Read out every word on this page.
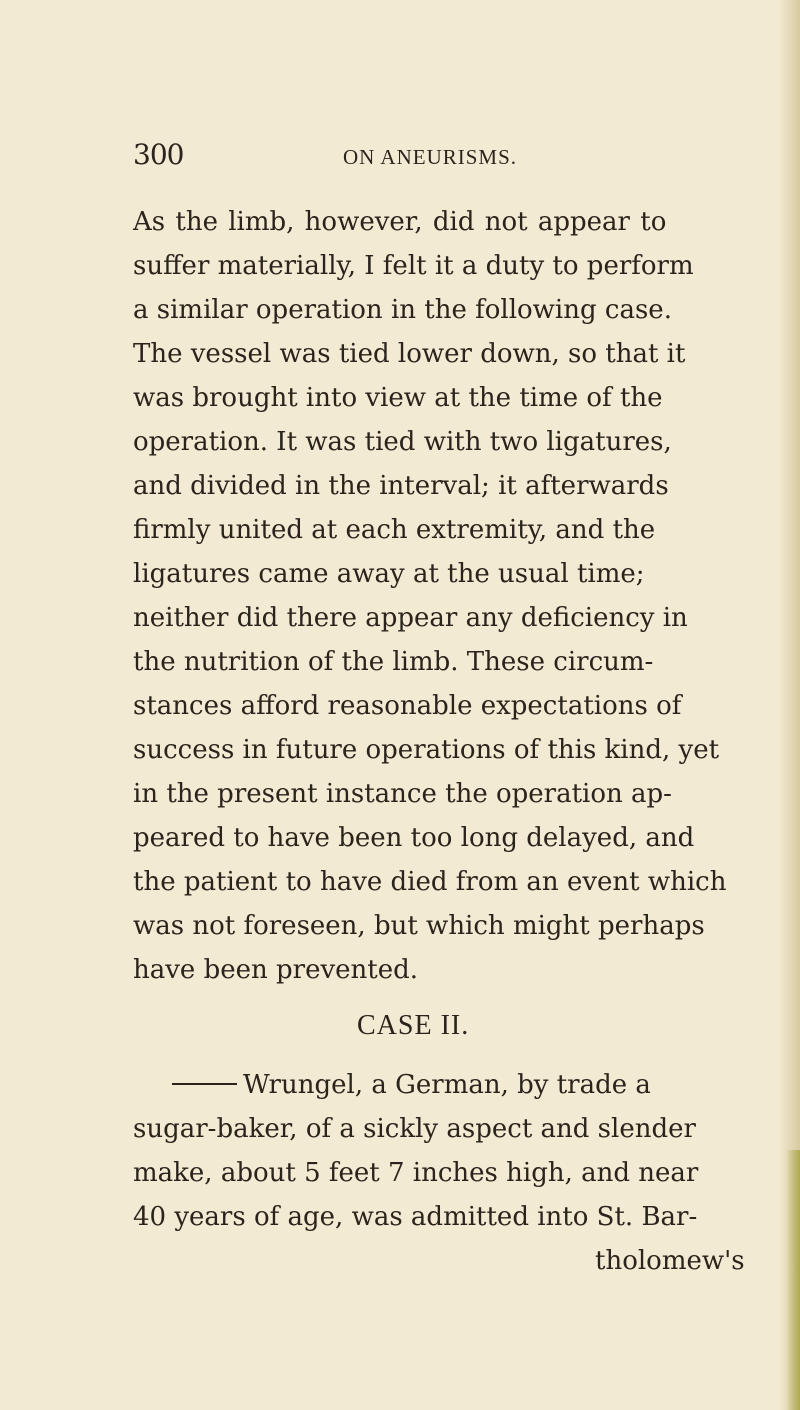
300	ON ANEURISMS.
As the limb, however, did not appear to
suffer materially, I felt it a duty to perform
a similar operation in the following case.
The vessel was tied lower down, so that it
was brought into view at the time of the
operation. It was tied with two ligatures,
and divided in the interval; it afterwards
firmly united at each extremity, and the
ligatures came away at the usual time;
neither did there appear any deficiency in
the nutrition of the limb. These circum-
stances afford reasonable expectations of
success in future operations of this kind, yet
in the present instance the operation ap-
peared to have been too long delayed, and
the patient to have died from an event which
was not foreseen, but which might perhaps
have been prevented.
CASE II.
Wrungel, a German, by trade a
sugar-baker, of a sickly aspect and slender
make, about 5 feet 7 inches high, and near
40 years of age, was admitted into St. Bar-
tholomew's
